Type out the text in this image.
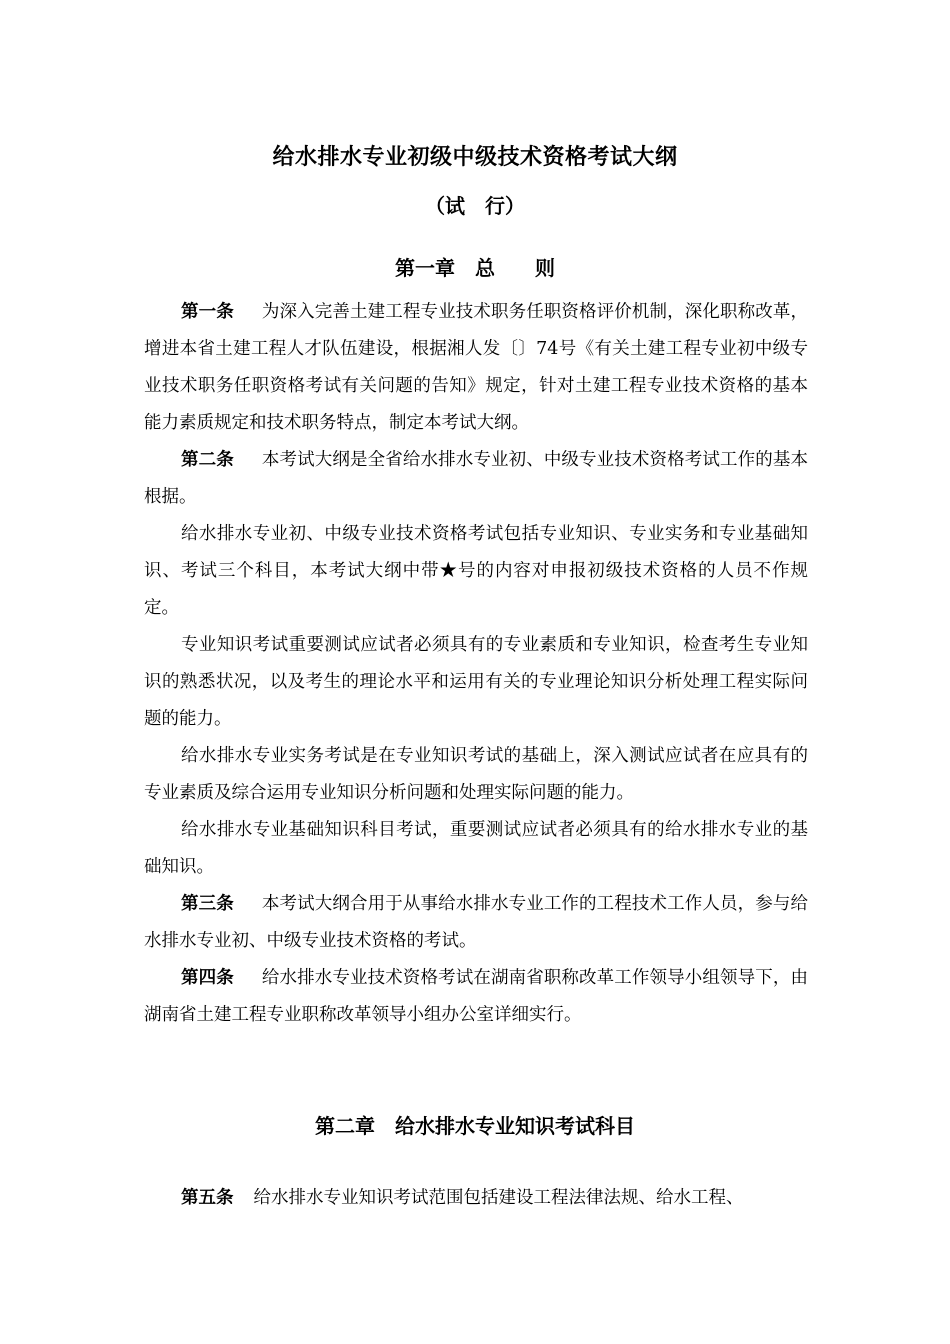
给水排水专业初级中级技术资格考试大纲
（试　行）
第一章　总　　则
第一条 为深入完善土建工程专业技术职务任职资格评价机制，深化职称改革，增进本省土建工程人才队伍建设，根据湘人发〔〕74号《有关土建工程专业初中级专业技术职务任职资格考试有关问题的告知》规定，针对土建工程专业技术资格的基本能力素质规定和技术职务特点，制定本考试大纲。
第二条 本考试大纲是全省给水排水专业初、中级专业技术资格考试工作的基本根据。
给水排水专业初、中级专业技术资格考试包括专业知识、专业实务和专业基础知识、考试三个科目，本考试大纲中带★号的内容对申报初级技术资格的人员不作规定。
专业知识考试重要测试应试者必须具有的专业素质和专业知识，检查考生专业知识的熟悉状况，以及考生的理论水平和运用有关的专业理论知识分析处理工程实际问题的能力。
给水排水专业实务考试是在专业知识考试的基础上，深入测试应试者在应具有的专业素质及综合运用专业知识分析问题和处理实际问题的能力。
给水排水专业基础知识科目考试，重要测试应试者必须具有的给水排水专业的基础知识。
第三条 本考试大纲合用于从事给水排水专业工作的工程技术工作人员，参与给水排水专业初、中级专业技术资格的考试。
第四条 给水排水专业技术资格考试在湖南省职称改革工作领导小组领导下，由湖南省土建工程专业职称改革领导小组办公室详细实行。
第二章　给水排水专业知识考试科目
第五条 给水排水专业知识考试范围包括建设工程法律法规、给水工程、
